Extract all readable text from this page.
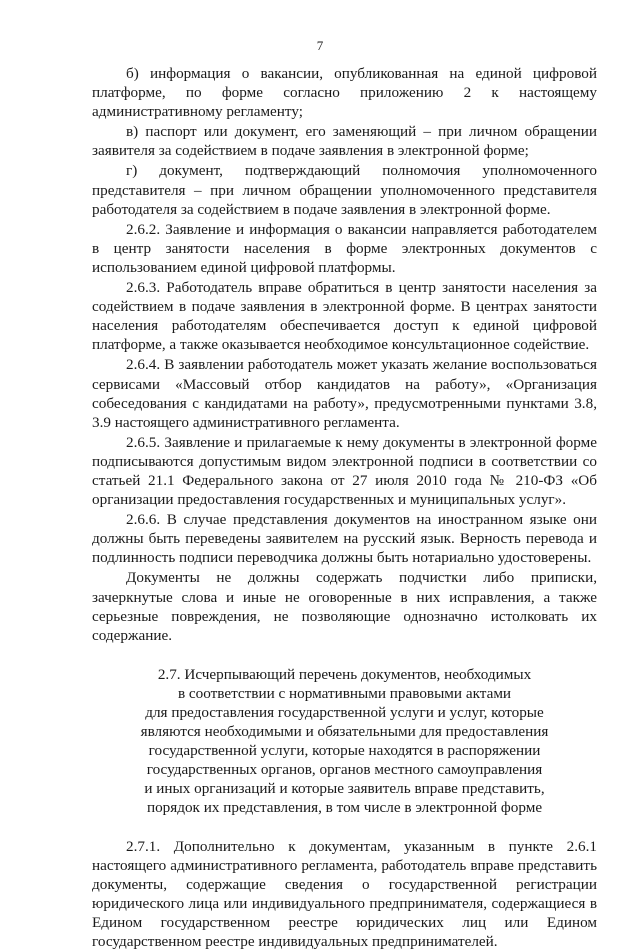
7

б) информация о вакансии, опубликованная на единой цифровой платформе, по форме согласно приложению 2 к настоящему административному регламенту;

в) паспорт или документ, его заменяющий – при личном обращении заявителя за содействием в подаче заявления в электронной форме;

г) документ, подтверждающий полномочия уполномоченного представителя – при личном обращении уполномоченного представителя работодателя за содействием в подаче заявления в электронной форме.

2.6.2. Заявление и информация о вакансии направляется работодателем в центр занятости населения в форме электронных документов с использованием единой цифровой платформы.

2.6.3. Работодатель вправе обратиться в центр занятости населения за содействием в подаче заявления в электронной форме. В центрах занятости населения работодателям обеспечивается доступ к единой цифровой платформе, а также оказывается необходимое консультационное содействие.

2.6.4. В заявлении работодатель может указать желание воспользоваться сервисами «Массовый отбор кандидатов на работу», «Организация собеседования с кандидатами на работу», предусмотренными пунктами 3.8, 3.9 настоящего административного регламента.

2.6.5. Заявление и прилагаемые к нему документы в электронной форме подписываются допустимым видом электронной подписи в соответствии со статьей 21.1 Федерального закона от 27 июля 2010 года № 210-ФЗ «Об организации предоставления государственных и муниципальных услуг».

2.6.6. В случае представления документов на иностранном языке они должны быть переведены заявителем на русский язык. Верность перевода и подлинность подписи переводчика должны быть нотариально удостоверены.

Документы не должны содержать подчистки либо приписки, зачеркнутые слова и иные не оговоренные в них исправления, а также серьезные повреждения, не позволяющие однозначно истолковать их содержание.

2.7. Исчерпывающий перечень документов, необходимых
в соответствии с нормативными правовыми актами
для предоставления государственной услуги и услуг, которые
являются необходимыми и обязательными для предоставления
государственной услуги, которые находятся в распоряжении
государственных органов, органов местного самоуправления
и иных организаций и которые заявитель вправе представить,
порядок их представления, в том числе в электронной форме

2.7.1. Дополнительно к документам, указанным в пункте 2.6.1 настоящего административного регламента, работодатель вправе представить документы, содержащие сведения о государственной регистрации юридического лица или индивидуального предпринимателя, содержащиеся в Едином государственном реестре юридических лиц или Едином государственном реестре индивидуальных предпринимателей.
